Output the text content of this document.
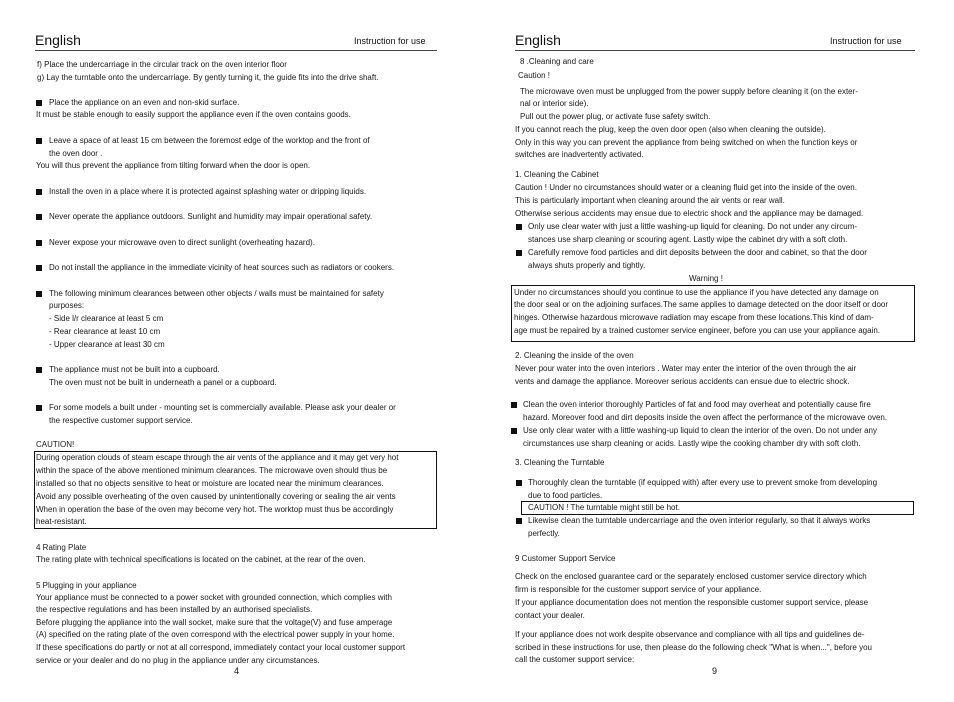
English	Instruction for use
f) Place the undercarriage in the circular track on the oven interior floor
g) Lay the turntable onto the undercarriage. By gently turning it, the guide fits into the drive shaft.
Place the appliance on an even and non-skid surface.
It must be stable enough to easily support the appliance even if the oven contains goods.
Leave a space of at least 15 cm between the foremost edge of the worktop and the front of
the oven door .
You will thus prevent the appliance from tilting forward when the door is open.
Install the oven in a place where it is protected against splashing water or dripping liquids.
Never operate the appliance outdoors. Sunlight and humidity may impair operational safety.
Never expose your microwave oven to direct sunlight (overheating hazard).
Do not install the appliance in the immediate vicinity of heat sources such as radiators or cookers.
The following minimum clearances between other objects / walls must be maintained for safety
purposes:
- Side l/r clearance at least 5 cm
- Rear clearance at least 10 cm
- Upper clearance at least 30 cm
The appliance must not be built into a cupboard.
The oven must not be built in underneath a panel or a cupboard.
For some models a built under - mounting set is commercially available. Please ask your dealer or
the respective customer support service.
CAUTION!
During operation clouds of steam escape through the air vents of the appliance and it may get very hot
within the space of the above mentioned minimum clearances. The microwave oven should thus be
installed so that no objects sensitive to heat or moisture are located near the minimum clearances.
Avoid any possible overheating of the oven caused by unintentionally covering or sealing the air vents
When in operation the base of the oven may become very hot. The worktop must thus be accordingly
heat-resistant.
4 Rating Plate
The rating plate with technical specifications is located on the cabinet, at the rear of the oven.
5 Plugging in your appliance
Your appliance must be connected to a power socket with grounded connection, which complies with
the respective regulations and has been installed by an authorised specialists.
Before plugging the appliance into the wall socket, make sure that the voltage(V) and fuse amperage
(A) specified on the rating plate of the oven correspond with the electrical power supply in your home.
If these specifications do partly or not at all correspond, immediately contact your local customer support
service or your dealer and do no plug in the appliance under any circumstances.
4
English	Instruction for use
8 .Cleaning and care
Caution !
The microwave oven must be unplugged from the power supply before cleaning it (on the exter-
nal or interior side).
Pull out the power plug, or activate fuse safety switch.
If you cannot reach the plug, keep the oven door open (also when cleaning the outside).
Only in this way you can prevent the appliance from being switched on when the function keys or
switches are inadvertently activated.
1. Cleaning the Cabinet
Caution ! Under no circumstances should water or a cleaning fluid get into the inside of the oven.
This is particularly important when cleaning around the air vents or rear wall.
Otherwise serious accidents may ensue due to electric shock and the appliance may be damaged.
Only use clear water with just a little washing-up liquid for cleaning. Do not under any circum-
stances use sharp cleaning or scouring agent. Lastly wipe the cabinet dry with a soft cloth.
Carefully remove food particles and dirt deposits between the door and cabinet, so that the door
always shuts properly and tightly.
Warning !
Under no circumstances should you continue to use the appliance if you have detected any damage on
the door seal or on the adjoining surfaces.The same applies to damage detected on the door itself or door
hinges. Otherwise hazardous microwave radiation may escape from these locations.This kind of dam-
age must be repaired by a trained customer service engineer, before you can use your appliance again.
2. Cleaning the inside of the oven
Never pour water into the oven interiors . Water may enter the interior of the oven through the air
vents and damage the appliance. Moreover serious accidents can ensue due to electric shock.
Clean the oven interior thoroughly Particles of fat and food may overheat and potentially cause fire
hazard. Moreover food and dirt deposits inside the oven affect the performance of the microwave oven.
Use only clear water with a little washing-up liquid to clean the interior of the oven. Do not under any
circumstances use sharp cleaning or acids. Lastly wipe the cooking chamber dry with soft cloth.
3. Cleaning the Turntable
Thoroughly clean the turntable (if equipped with) after every use to prevent smoke from developing
due to food particles.
CAUTION ! The turntable might still be hot.
Likewise clean the turntable undercarriage and the oven interior regularly, so that it always works
perfectly.
9 Customer Support Service
Check on the enclosed guarantee card or the separately enclosed customer service directory which
firm is responsible for the customer support service of your appliance.
If your appliance documentation does not mention the responsible customer support service, please
contact your dealer.
If your appliance does not work despite observance and compliance with all tips and guidelines de-
scribed in these instructions for use, then please do the following check "What is when...", before you
call the customer support service:
9
